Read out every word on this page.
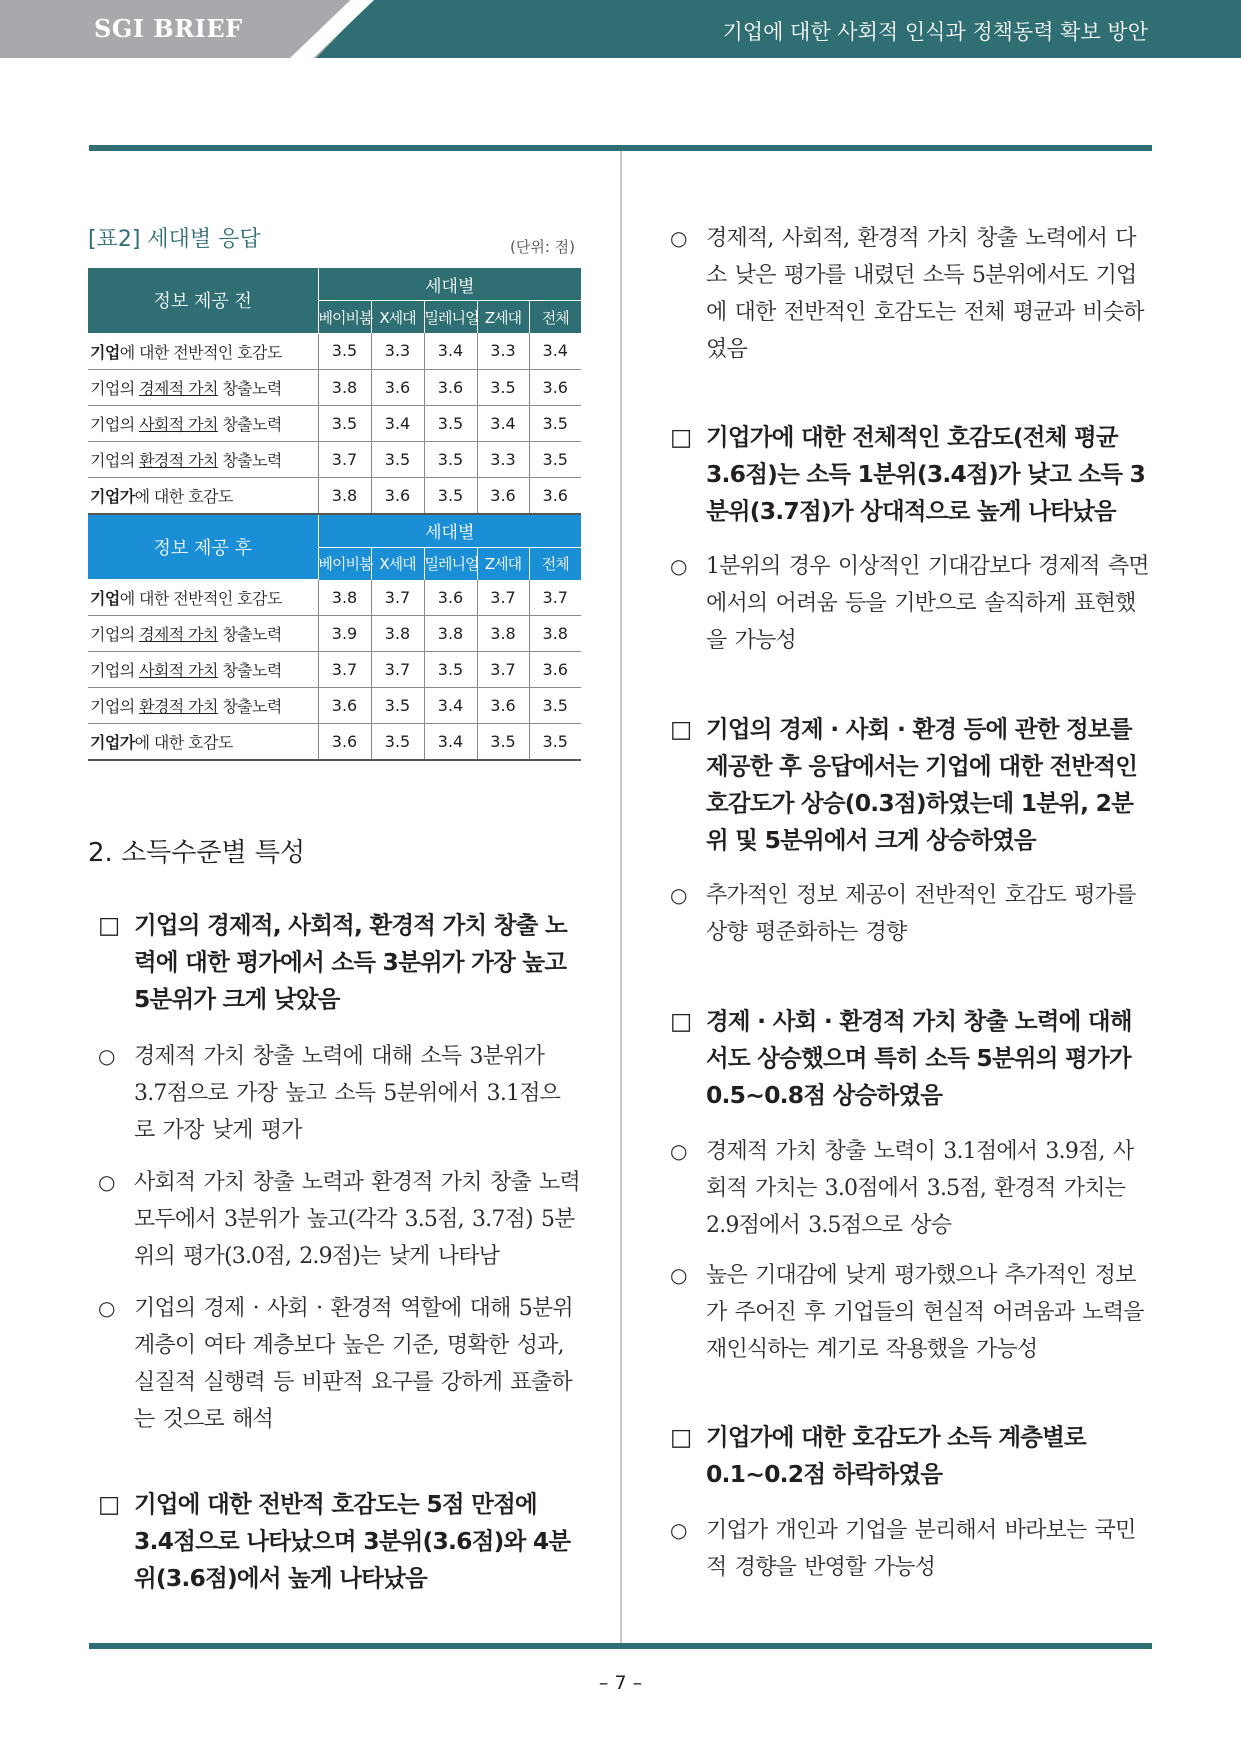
SGI BRIEF	기업에 대한 사회적 인식과 정책동력 확보 방안
[표2] 세대별 응답	(단위: 점)
정보 제공 전	세대별				
	베이비붐	X세대	밀레니얼	Z세대	전체
기업에 대한 전반적인 호감도	3.5	3.3	3.4	3.3	3.4
기업의 경제적 가치 창출노력	3.8	3.6	3.6	3.5	3.6
기업의 사회적 가치 창출노력	3.5	3.4	3.5	3.4	3.5
기업의 환경적 가치 창출노력	3.7	3.5	3.5	3.3	3.5
기업가에 대한 호감도	3.8	3.6	3.5	3.6	3.6
정보 제공 후	세대별				
	베이비붐	X세대	밀레니얼	Z세대	전체
기업에 대한 전반적인 호감도	3.8	3.7	3.6	3.7	3.7
기업의 경제적 가치 창출노력	3.9	3.8	3.8	3.8	3.8
기업의 사회적 가치 창출노력	3.7	3.7	3.5	3.7	3.6
기업의 환경적 가치 창출노력	3.6	3.5	3.4	3.6	3.5
기업가에 대한 호감도	3.6	3.5	3.4	3.5	3.5
2. 소득수준별 특성

□ 기업의 경제적, 사회적, 환경적 가치 창출 노력에 대한 평가에서 소득 3분위가 가장 높고 5분위가 크게 낮았음

○ 경제적 가치 창출 노력에 대해 소득 3분위가 3.7점으로 가장 높고 소득 5분위에서 3.1점으로 가장 낮게 평가

○ 사회적 가치 창출 노력과 환경적 가치 창출 노력 모두에서 3분위가 높고(각각 3.5점, 3.7점) 5분위의 평가(3.0점, 2.9점)는 낮게 나타남

○ 기업의 경제 · 사회 · 환경적 역할에 대해 5분위 계층이 여타 계층보다 높은 기준, 명확한 성과, 실질적 실행력 등 비판적 요구를 강하게 표출하는 것으로 해석

□ 기업에 대한 전반적 호감도는 5점 만점에 3.4점으로 나타났으며 3분위(3.6점)와 4분위(3.6점)에서 높게 나타났음

○ 경제적, 사회적, 환경적 가치 창출 노력에서 다소 낮은 평가를 내렸던 소득 5분위에서도 기업에 대한 전반적인 호감도는 전체 평균과 비슷하였음

□ 기업가에 대한 전체적인 호감도(전체 평균 3.6점)는 소득 1분위(3.4점)가 낮고 소득 3분위(3.7점)가 상대적으로 높게 나타났음

○ 1분위의 경우 이상적인 기대감보다 경제적 측면에서의 어려움 등을 기반으로 솔직하게 표현했을 가능성

□ 기업의 경제 · 사회 · 환경 등에 관한 정보를 제공한 후 응답에서는 기업에 대한 전반적인 호감도가 상승(0.3점)하였는데 1분위, 2분위 및 5분위에서 크게 상승하였음

○ 추가적인 정보 제공이 전반적인 호감도 평가를 상향 평준화하는 경향

□ 경제 · 사회 · 환경적 가치 창출 노력에 대해서도 상승했으며 특히 소득 5분위의 평가가 0.5~0.8점 상승하였음

○ 경제적 가치 창출 노력이 3.1점에서 3.9점, 사회적 가치는 3.0점에서 3.5점, 환경적 가치는 2.9점에서 3.5점으로 상승

○ 높은 기대감에 낮게 평가했으나 추가적인 정보가 주어진 후 기업들의 현실적 어려움과 노력을 재인식하는 계기로 작용했을 가능성

□ 기업가에 대한 호감도가 소득 계층별로 0.1~0.2점 하락하였음

○ 기업가 개인과 기업을 분리해서 바라보는 국민적 경향을 반영할 가능성

– 7 –
